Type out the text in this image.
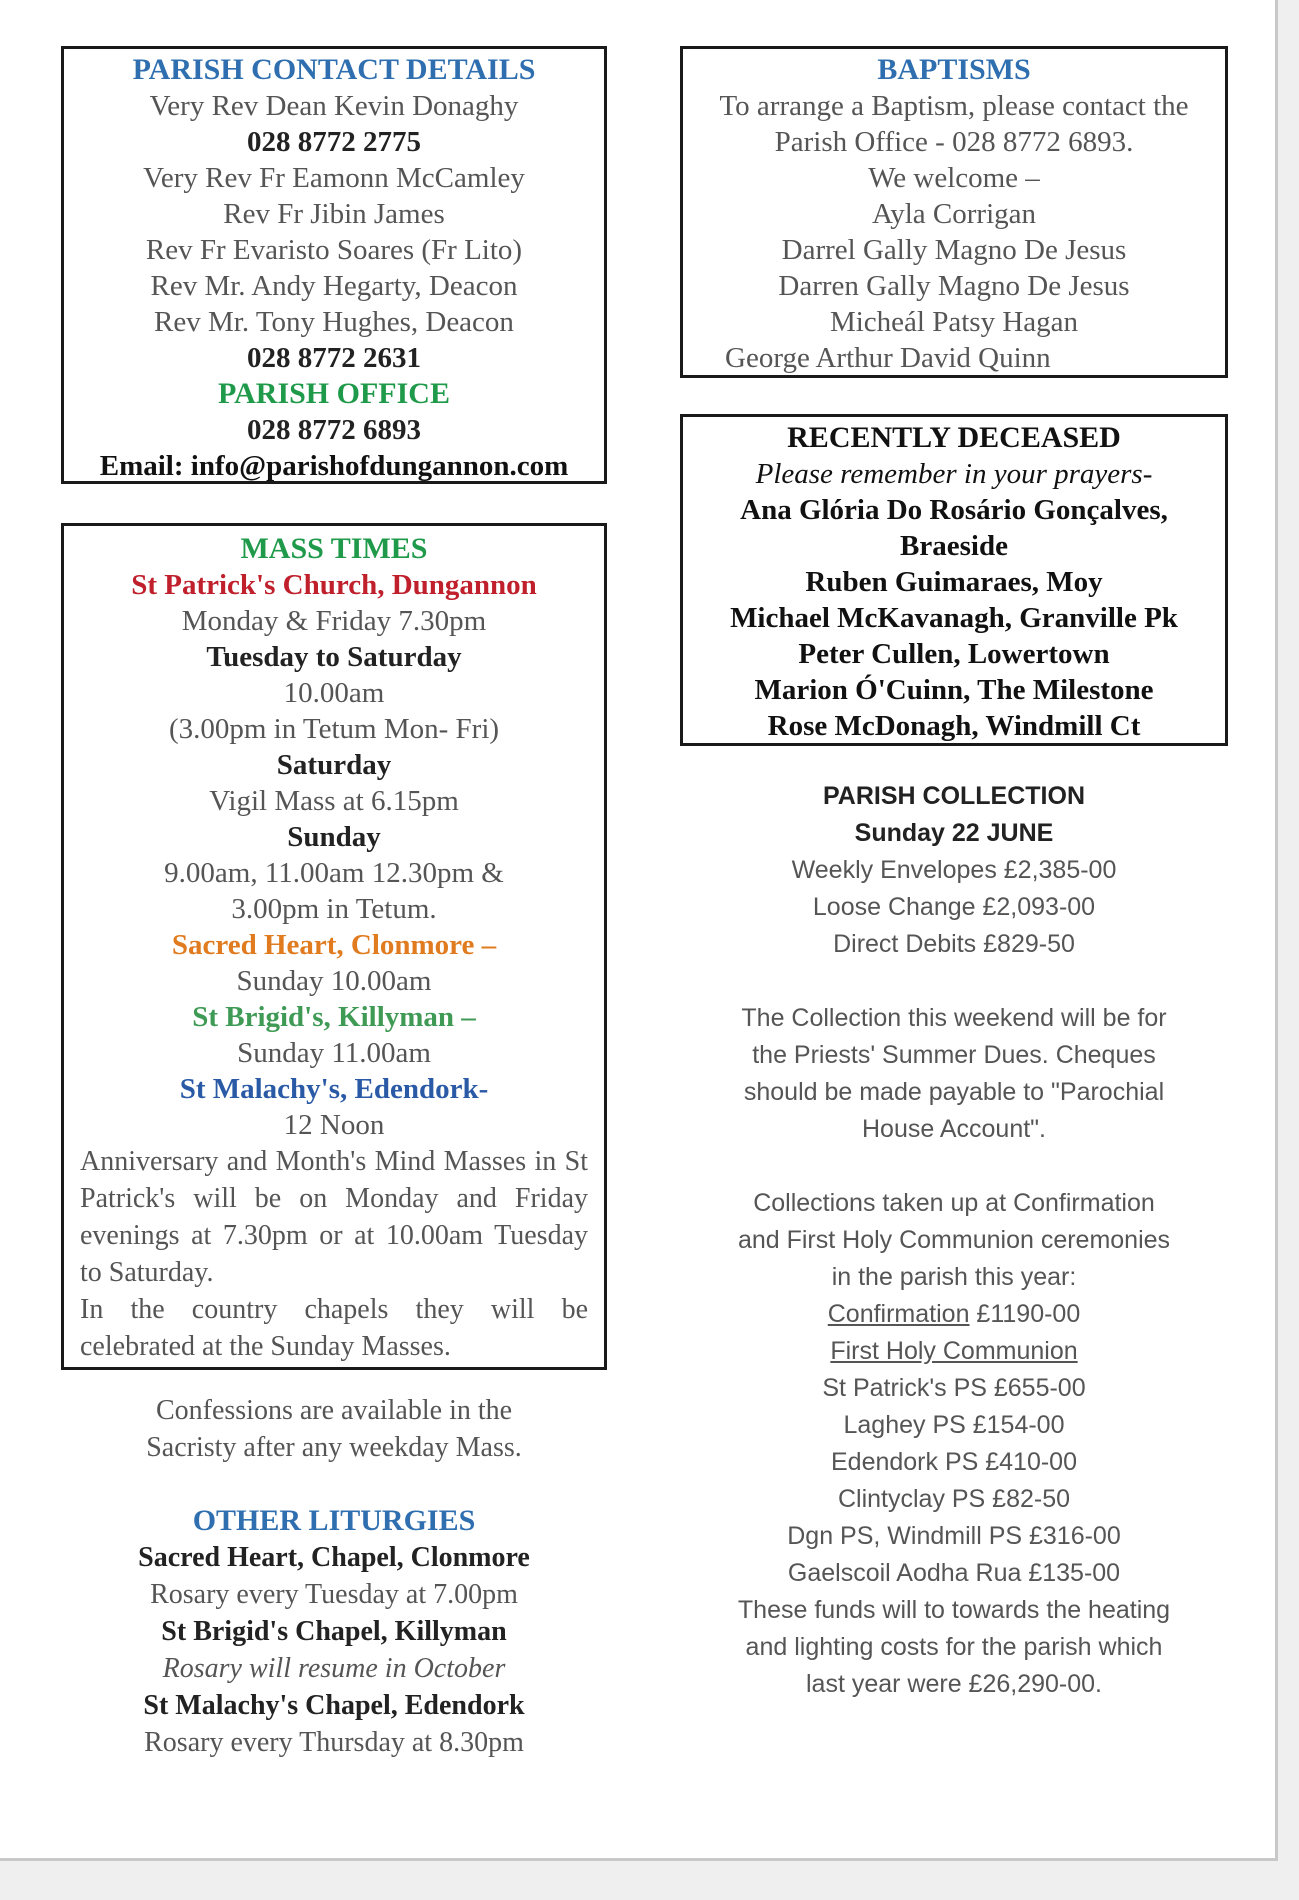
PARISH CONTACT DETAILS
Very Rev Dean Kevin Donaghy
028 8772 2775
Very Rev Fr Eamonn McCamley
Rev Fr Jibin James
Rev Fr Evaristo Soares (Fr Lito)
Rev Mr. Andy Hegarty, Deacon
Rev Mr. Tony Hughes, Deacon
028 8772 2631
PARISH OFFICE
028 8772 6893
Email: info@parishofdungannon.com
MASS TIMES
St Patrick's Church, Dungannon
Monday & Friday 7.30pm
Tuesday to Saturday
10.00am
(3.00pm in Tetum Mon- Fri)
Saturday
Vigil Mass at 6.15pm
Sunday
9.00am, 11.00am 12.30pm &
3.00pm in Tetum.
Sacred Heart, Clonmore –
Sunday 10.00am
St Brigid's, Killyman –
Sunday 11.00am
St Malachy's, Edendork-
12 Noon
Anniversary and Month's Mind Masses in St Patrick's will be on Monday and Friday evenings at 7.30pm or at 10.00am Tuesday to Saturday.
In the country chapels they will be celebrated at the Sunday Masses.
Confessions are available in the
Sacristy after any weekday Mass.
OTHER LITURGIES
Sacred Heart, Chapel, Clonmore
Rosary every Tuesday at 7.00pm
St Brigid's Chapel, Killyman
Rosary will resume in October
St Malachy's Chapel, Edendork
Rosary every Thursday at 8.30pm
BAPTISMS
To arrange a Baptism, please contact the
Parish Office - 028 8772 6893.
We welcome –
Ayla Corrigan
Darrel Gally Magno De Jesus
Darren Gally Magno De Jesus
Micheál Patsy Hagan
George Arthur David Quinn
RECENTLY DECEASED
Please remember in your prayers-
Ana Glória Do Rosário Gonçalves,
Braeside
Ruben Guimaraes, Moy
Michael McKavanagh, Granville Pk
Peter Cullen, Lowertown
Marion Ó'Cuinn, The Milestone
Rose McDonagh, Windmill Ct
PARISH COLLECTION
Sunday 22 JUNE
Weekly Envelopes £2,385-00
Loose Change £2,093-00
Direct Debits £829-50
The Collection this weekend will be for
the Priests' Summer Dues. Cheques
should be made payable to "Parochial
House Account".
Collections taken up at Confirmation
and First Holy Communion ceremonies
in the parish this year:
Confirmation £1190-00
First Holy Communion
St Patrick's PS £655-00
Laghey PS £154-00
Edendork PS £410-00
Clintyclay PS £82-50
Dgn PS, Windmill PS £316-00
Gaelscoil Aodha Rua £135-00
These funds will to towards the heating
and lighting costs for the parish which
last year were £26,290-00.
